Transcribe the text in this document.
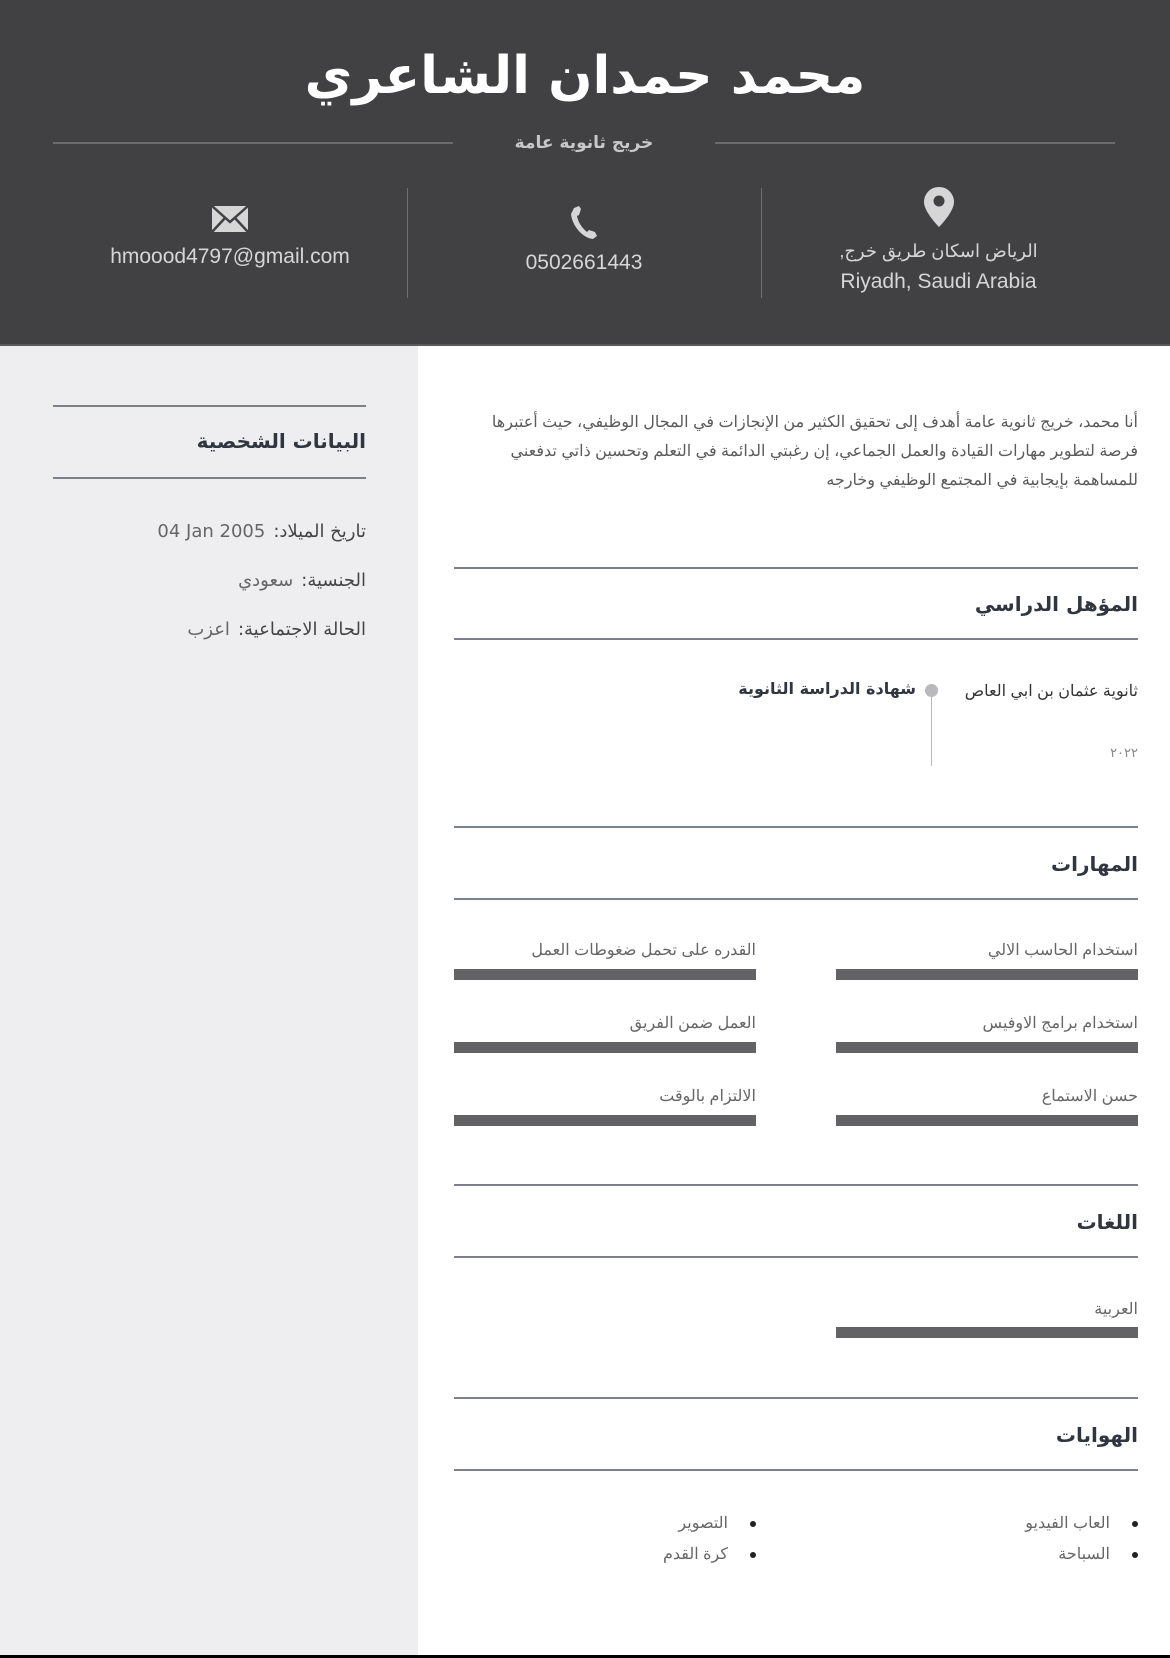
محمد حمدان الشاعري
خريج ثانوية عامة
hmoood4797@gmail.com	0502661443	الرياض اسكان طريق خرج,
Riyadh, Saudi Arabia
البيانات الشخصية
تاريخ الميلاد:04 Jan 2005
الجنسية:سعودي
الحالة الاجتماعية:اعزب
أنا محمد، خريج ثانوية عامة أهدف إلى تحقيق الكثير من الإنجازات في المجال الوظيفي، حيث أعتبرها فرصة لتطوير مهارات القيادة والعمل الجماعي، إن رغبتي الدائمة في التعلم وتحسين ذاتي تدفعني للمساهمة بإيجابية في المجتمع الوظيفي وخارجه
المؤهل الدراسي
ثانوية عثمان بن ابي العاص
٢٠٢٢
شهادة الدراسة الثانوية
المهارات
استخدام الحاسب الالي
القدره على تحمل ضغوطات العمل
استخدام برامج الاوفيس
العمل ضمن الفريق
حسن الاستماع
الالتزام بالوقت
اللغات
العربية
الهوايات
العاب الفيديو
التصوير
السباحة
كرة القدم
